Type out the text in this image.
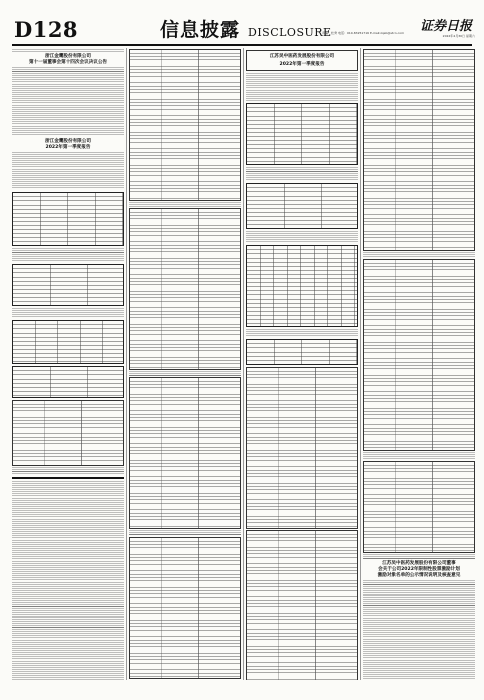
D128	信息披露 DISCLOSURE
责编：杜秀 电话：010-83251716 E-mail:zqsb@stcn.com	证券日报
2022年4月30日 星期六
浙江金鹰股份有限公司
第十一届董事会第十四次会议决议公告
浙江金鹰股份有限公司
2022年第一季度报告
江苏吴中医药发展股份有限公司
2022年第一季度报告
江苏吴中医药发展股份有限公司董事
会关于公司2022年限制性股票激励计划
激励对象名单的公示情况说明及核查意见
